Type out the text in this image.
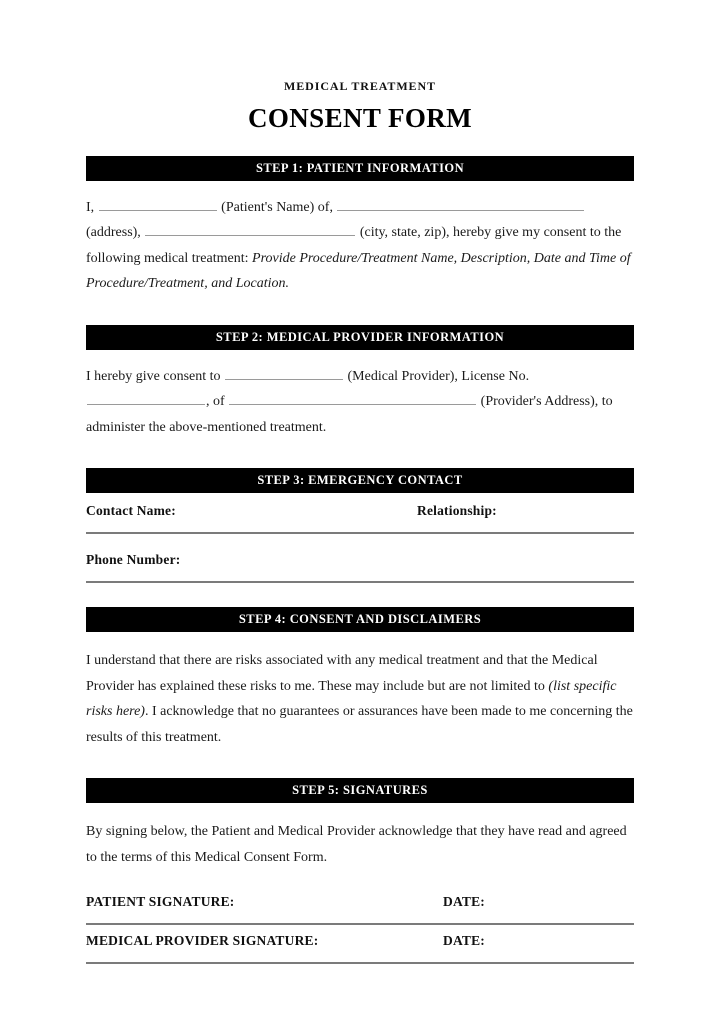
MEDICAL TREATMENT
CONSENT FORM
STEP 1: PATIENT INFORMATION

I,	(Patient's Name) of,  (address),	(city, state, zip), hereby give my consent to the following medical treatment: Provide Procedure/Treatment Name, Description, Date and Time of Procedure/Treatment, and Location.

STEP 2: MEDICAL PROVIDER INFORMATION

I hereby give consent to	(Medical Provider), License No. , of	(Provider's Address), to administer the above-mentioned treatment.

STEP 3: EMERGENCY CONTACT
Contact Name:	Relationship:
Phone Number:
STEP 4: CONSENT AND DISCLAIMERS

I understand that there are risks associated with any medical treatment and that the Medical Provider has explained these risks to me. These may include but are not limited to (list specific risks here). I acknowledge that no guarantees or assurances have been made to me concerning the results of this treatment.

STEP 5: SIGNATURES

By signing below, the Patient and Medical Provider acknowledge that they have read and agreed to the terms of this Medical Consent Form.

PATIENT SIGNATURE:	DATE:
MEDICAL PROVIDER SIGNATURE:	DATE:
